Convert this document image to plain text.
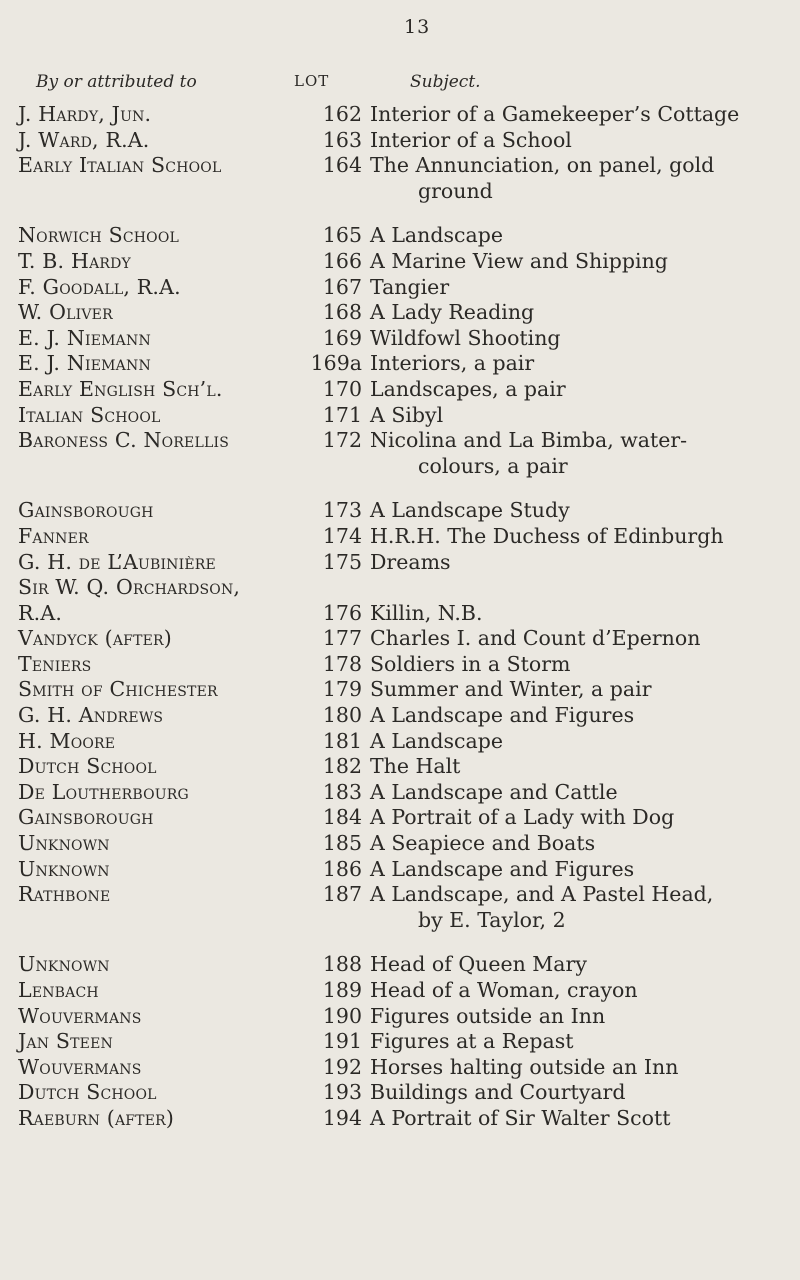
13
By or attributed to	LOT	Subject.
J. Hardy, Jun.	162 Interior of a Gamekeeper’s Cottage
J. Ward, R.A.	163 Interior of a School
Early Italian School	164 The Annunciation, on panel, gold
ground
Norwich School	165 A Landscape
T. B. Hardy	166 A Marine View and Shipping
F. Goodall, R.A.	167 Tangier
W. Oliver	168 A Lady Reading
E. J. Niemann	169 Wildfowl Shooting
E. J. Niemann	169a Interiors, a pair
Early English Sch’l.	170 Landscapes, a pair
Italian School	171 A Sibyl
Baroness C. Norellis	172 Nicolina and La Bimba, water-
colours, a pair
Gainsborough	173 A Landscape Study
Fanner	174 H.R.H. The Duchess of Edinburgh
G. H. de L’Aubinière	175 Dreams
Sir W. Q. Orchardson,
R.A.	176 Killin, N.B.
Vandyck (after)	177 Charles I. and Count d’Epernon
Teniers	178 Soldiers in a Storm
Smith of Chichester	179 Summer and Winter, a pair
G. H. Andrews	180 A Landscape and Figures
H. Moore	181 A Landscape
Dutch School	182 The Halt
De Loutherbourg	183 A Landscape and Cattle
Gainsborough	184 A Portrait of a Lady with Dog
Unknown	185 A Seapiece and Boats
Unknown	186 A Landscape and Figures
Rathbone	187 A Landscape, and A Pastel Head,
by E. Taylor, 2
Unknown	188 Head of Queen Mary
Lenbach	189 Head of a Woman, crayon
Wouvermans	190 Figures outside an Inn
Jan Steen	191 Figures at a Repast
Wouvermans	192 Horses halting outside an Inn
Dutch School	193 Buildings and Courtyard
Raeburn (after)	194 A Portrait of Sir Walter Scott
